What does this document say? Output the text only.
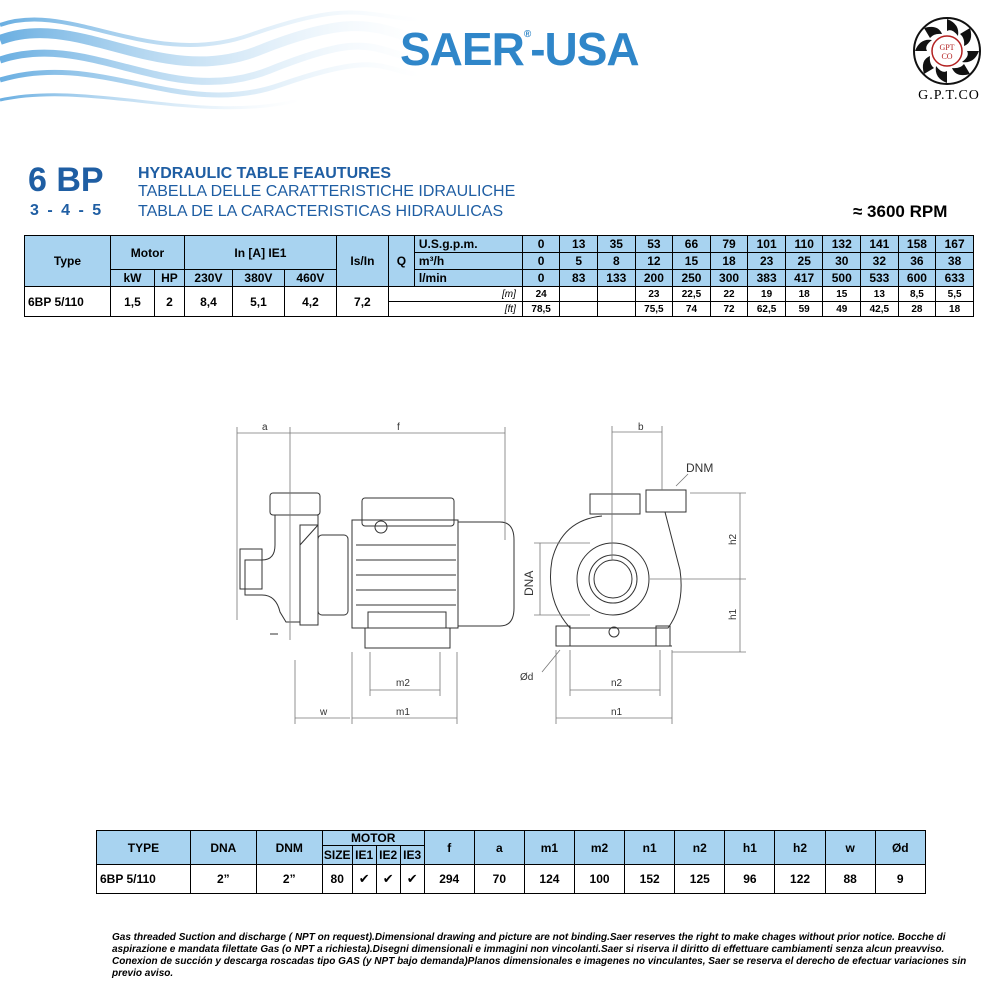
SAER®-USA	GPT
CO
G.P.T.CO
6 BP
3 - 4 - 5
HYDRAULIC TABLE FEAUTURES
TABELLA DELLE CARATTERISTICHE IDRAULICHE
TABLA DE LA CARACTERISTICAS HIDRAULICAS	≈ 3600 RPM
Type	Motor		In [A] IE1			Is/In	Q	U.S.g.p.m.	0	13	35	53	66	79	101	110	132	141	158	167
								m³/h	0	5	8	12	15	18	23	25	30	32	36	38
	kW	HP	230V	380V	460V			l/min	0	83	133	200	250	300	383	417	500	533	600	633
6BP 5/110	1,5	2	8,4	5,1	4,2	7,2	[m]		24			23	22,5	22	19	18	15	13	8,5	5,5
							[ft]		78,5			75,5	74	72	62,5	59	49	42,5	28	18
a	f
w	m1
m2
b
DNM
DNA
h2
h1
n2
n1
Ød
TYPE	DNA	DNM	MOTOR				f	a	m1	m2	n1	n2	h1	h2	w	Ød
			SIZE	IE1	IE2	IE3										
6BP 5/110	2”	2”	80	✔	✔	✔	294	70	124	100	152	125	96	122	88	9
Gas threaded Suction and discharge ( NPT on request).Dimensional drawing and picture are not binding.Saer reserves the right to make chages without prior notice. Bocche di aspirazione e mandata filettate Gas (o NPT a richiesta).Disegni dimensionali e immagini non vincolanti.Saer si riserva il diritto di effettuare cambiamenti senza alcun preavviso. Conexion de succión y descarga roscadas tipo GAS (y NPT bajo demanda)Planos dimensionales e imagenes no vinculantes, Saer se reserva el derecho de efectuar variaciones sin previo aviso.
